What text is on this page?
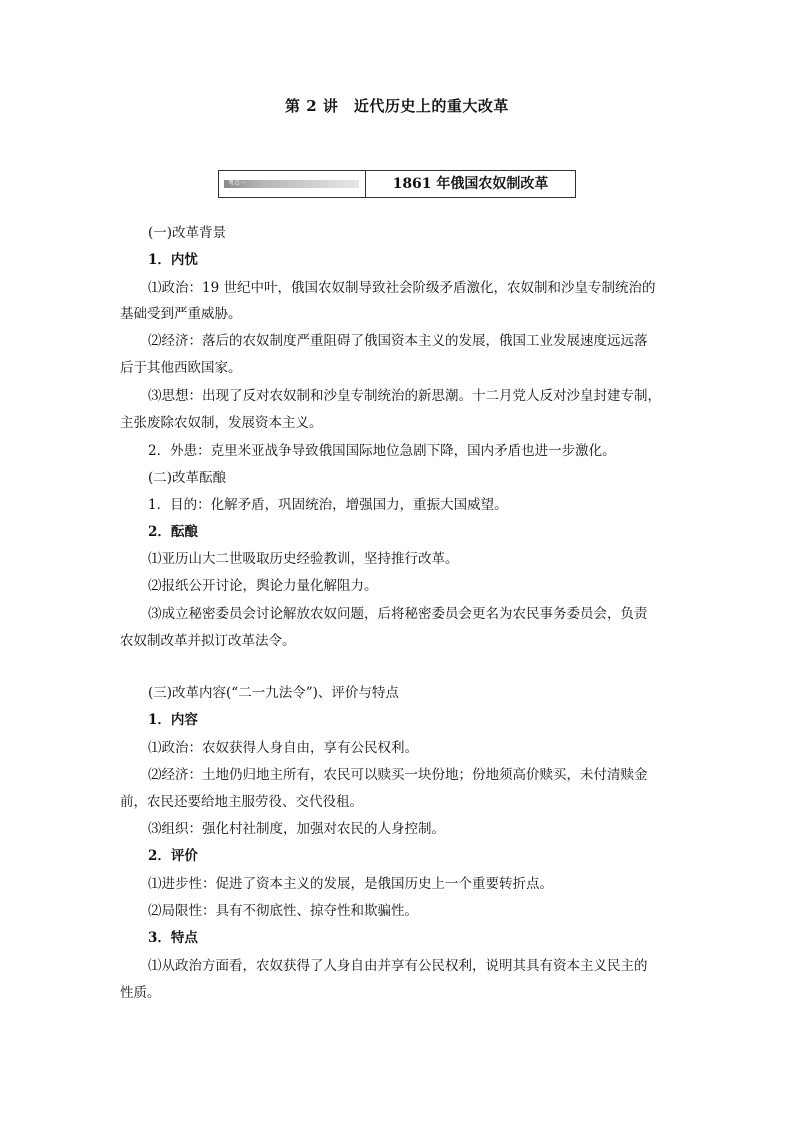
第 2 讲　近代历史上的重大改革
考点一	1861 年俄国农奴制改革
(一)改革背景
1．内忧
⑴政治：19 世纪中叶，俄国农奴制导致社会阶级矛盾激化，农奴制和沙皇专制统治的
基础受到严重威胁。
⑵经济：落后的农奴制度严重阻碍了俄国资本主义的发展，俄国工业发展速度远远落
后于其他西欧国家。
⑶思想：出现了反对农奴制和沙皇专制统治的新思潮。十二月党人反对沙皇封建专制，
主张废除农奴制，发展资本主义。
2．外患：克里米亚战争导致俄国国际地位急剧下降，国内矛盾也进一步激化。
(二)改革酝酿
1．目的：化解矛盾，巩固统治，增强国力，重振大国威望。
2．酝酿
⑴亚历山大二世吸取历史经验教训，坚持推行改革。
⑵报纸公开讨论，舆论力量化解阻力。
⑶成立秘密委员会讨论解放农奴问题，后将秘密委员会更名为农民事务委员会，负责
农奴制改革并拟订改革法令。
(三)改革内容(“二一九法令”)、评价与特点
1．内容
⑴政治：农奴获得人身自由，享有公民权利。
⑵经济：土地仍归地主所有，农民可以赎买一块份地；份地须高价赎买，未付清赎金
前，农民还要给地主服劳役、交代役租。
⑶组织：强化村社制度，加强对农民的人身控制。
2．评价
⑴进步性：促进了资本主义的发展，是俄国历史上一个重要转折点。
⑵局限性：具有不彻底性、掠夺性和欺骗性。
3．特点
⑴从政治方面看，农奴获得了人身自由并享有公民权利，说明其具有资本主义民主的
性质。
